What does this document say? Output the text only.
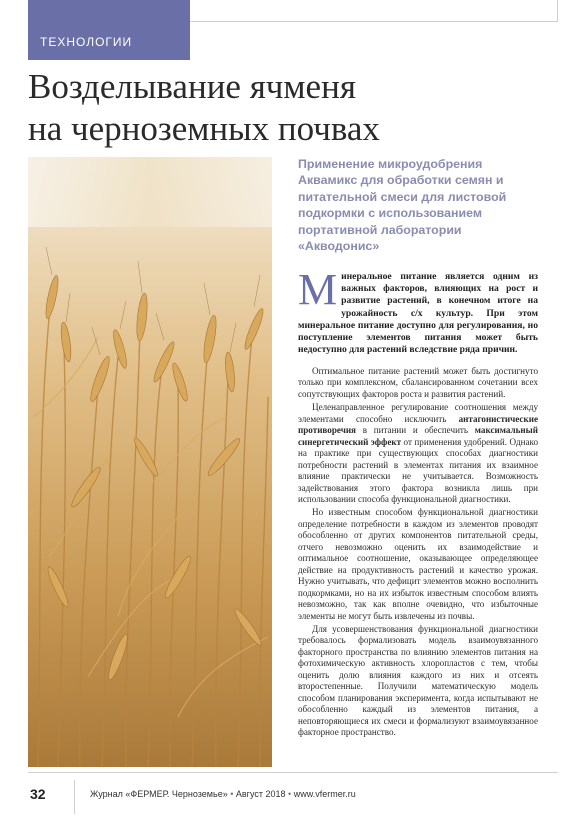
ТЕХНОЛОГИИ
Возделывание ячменя
на черноземных почвах
Применение микроудобрения Аквамикс для обработки семян и питательной смеси для листовой подкормки с использованием портативной лаборатории «Акводонис»
М инеральное питание является одним из важных факторов, влияющих на рост и развитие растений, в конечном итоге на урожайность с/х культур. При этом минеральное питание доступно для регулирования, но поступление элементов питания может быть недоступно для растений вследствие ряда причин.

Оптимальное питание растений может быть достигнуто только при комплексном, сбалансированном сочетании всех сопутствующих факторов роста и развития растений.

Целенаправленное регулирование соотношения между элементами способно исключить антагонистические противоречия в питании и обеспечить максимальный синергетический эффект от применения удобрений. Однако на практике при существующих способах диагностики потребности растений в элементах питания их взаимное влияние практически не учитывается. Возможность задействования этого фактора возникла лишь при использовании способа функциональной диагностики.

Но известным способом функциональной диагностики определение потребности в каждом из элементов проводят обособленно от других компонентов питательной среды, отчего невозможно оценить их взаимодействие и оптимальное соотношение, оказывающее определяющее действие на продуктивность растений и качество урожая. Нужно учитывать, что дефицит элементов можно восполнить подкормками, но на их избыток известным способом влиять невозможно, так как вполне очевидно, что избыточные элементы не могут быть извлечены из почвы.

Для усовершенствования функциональной диагностики требовалось формализовать модель взаимоувязанного факторного пространства по влиянию элементов питания на фотохимическую активность хлоропластов с тем, чтобы оценить долю влияния каждого из них и отсеять второстепенные. Получили математическую модель способом планирования эксперимента, когда испытывают не обособленно каждый из элементов питания, а неповторяющиеся их смеси и формализуют взаимоувязанное факторное пространство.

32	Журнал «ФЕРМЕР. Черноземье» • Август 2018 • www.vfermer.ru
